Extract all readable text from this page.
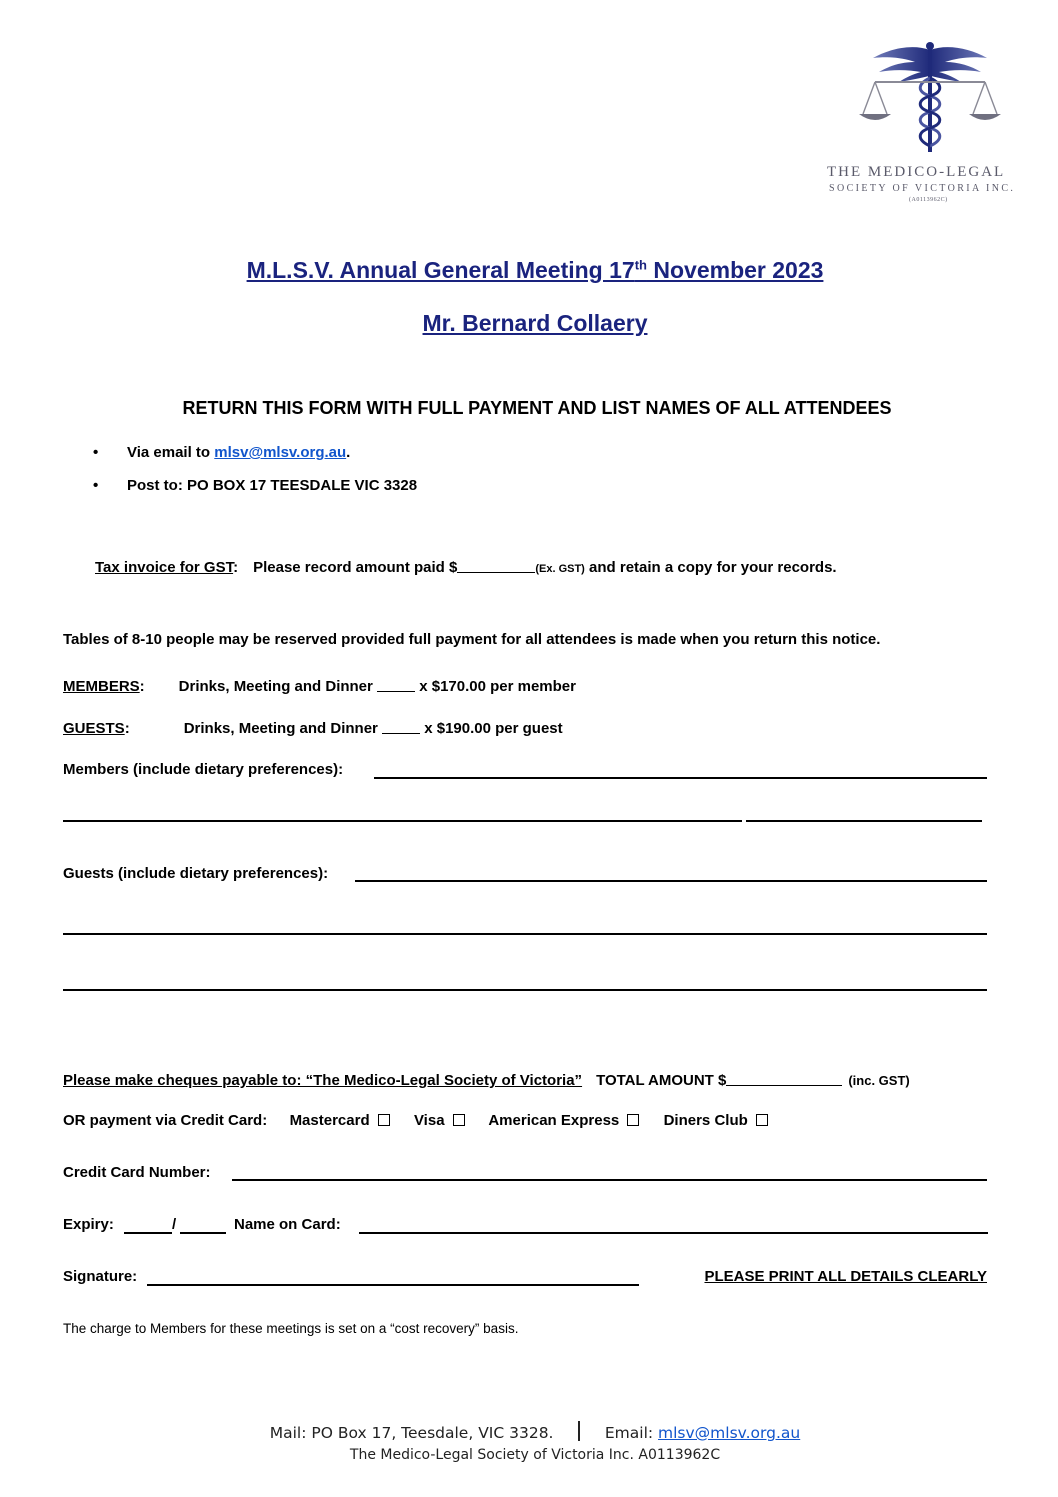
THE MEDICO-LEGAL
SOCIETY OF VICTORIA INC.
(A0113962C)
M.L.S.V. Annual General Meeting 17th November 2023
Mr. Bernard Collaery
RETURN THIS FORM WITH FULL PAYMENT AND LIST NAMES OF ALL ATTENDEES
• Via email to mlsv@mlsv.org.au.
• Post to: PO BOX 17 TEESDALE VIC 3328
Tax invoice for GST: Please record amount paid $	(Ex. GST) and retain a copy for your records.
Tables of 8-10 people may be reserved provided full payment for all attendees is made when you return this notice.
MEMBERS: Drinks, Meeting and Dinner	x $170.00 per member
GUESTS:	Drinks, Meeting and Dinner	x $190.00 per guest
Members (include dietary preferences):
Guests (include dietary preferences):
Please make cheques payable to: “The Medico-Legal Society of Victoria” TOTAL AMOUNT $	(inc. GST)
OR payment via Credit Card: Mastercard	Visa	American Express	Diners Club
Credit Card Number:
Expiry:	/	Name on Card:
Signature:	PLEASE PRINT ALL DETAILS CLEARLY
The charge to Members for these meetings is set on a “cost recovery” basis.
Mail: PO Box 17, Teesdale, VIC 3328.	Email: mlsv@mlsv.org.au
The Medico-Legal Society of Victoria Inc. A0113962C
